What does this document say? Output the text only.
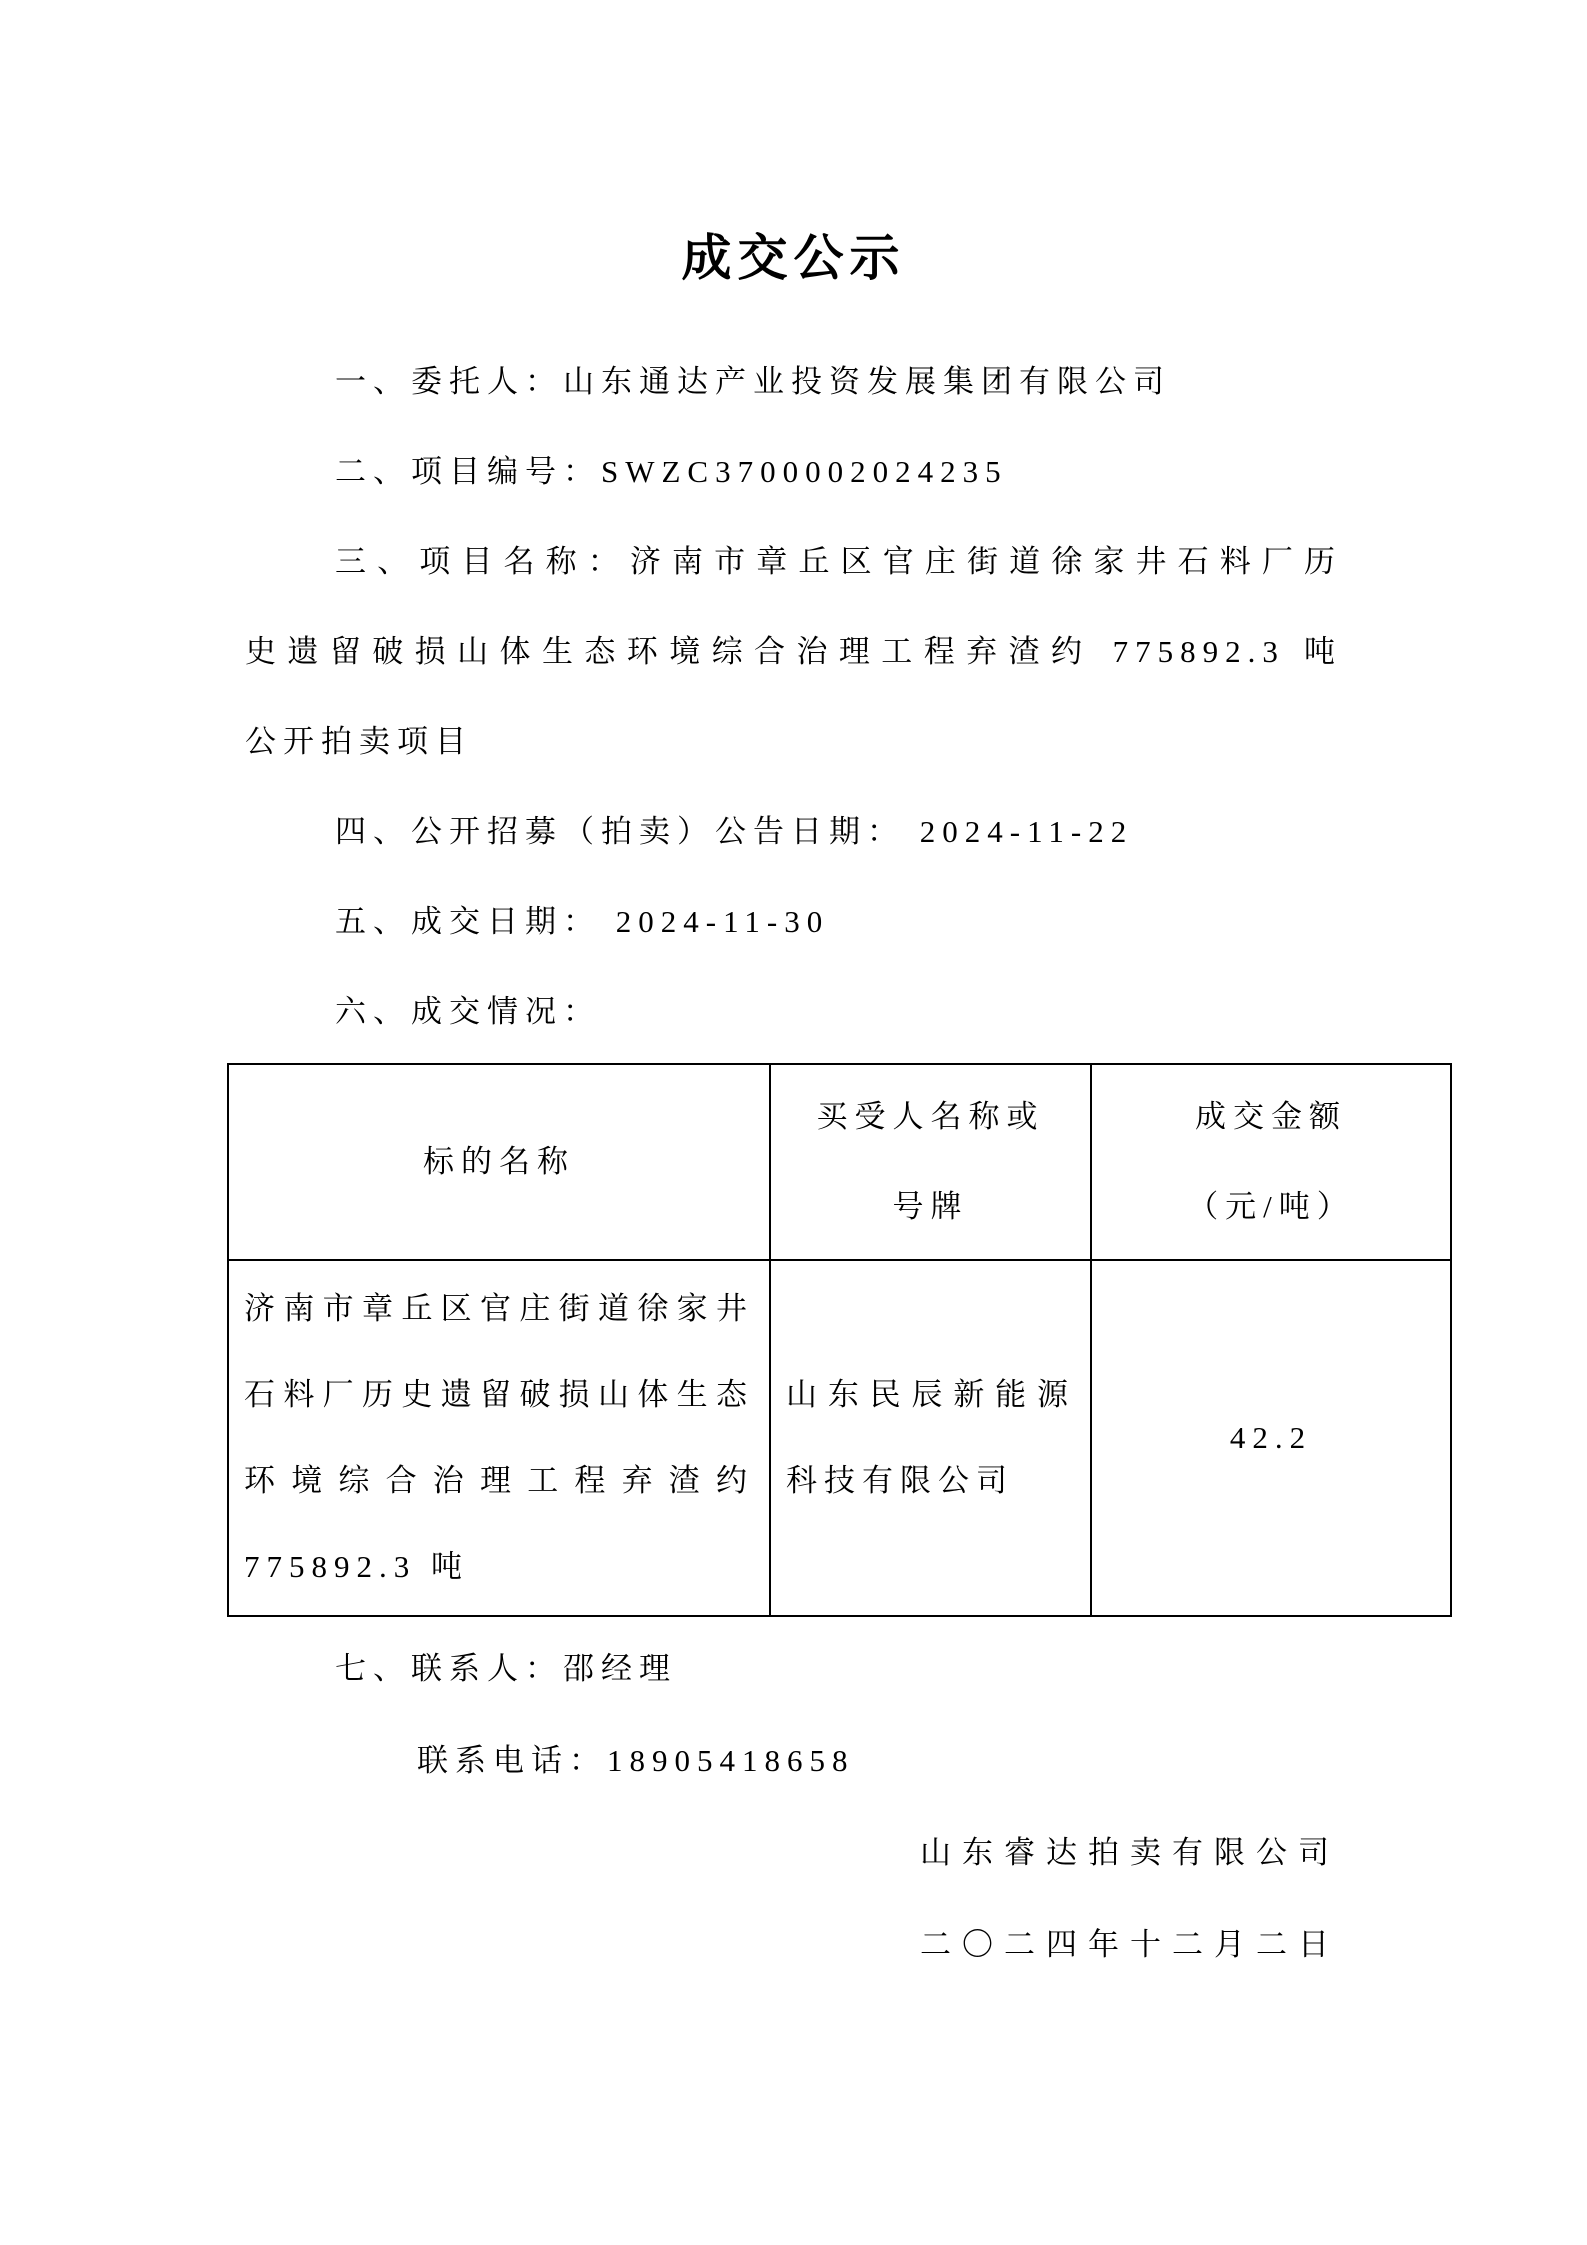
成交公示
一、委托人：山东通达产业投资发展集团有限公司
二、项目编号：SWZC3700002024235
三、项目名称：济南市章丘区官庄街道徐家井石料厂历
史遗留破损山体生态环境综合治理工程弃渣约 775892.3 吨
公开拍卖项目
四、公开招募（拍卖）公告日期： 2024-11-22
五、成交日期： 2024-11-30
六、成交情况：
标的名称
买受人名称或
号牌
成交金额
（元/吨）
济南市章丘区官庄街道徐家井
石料厂历史遗留破损山体生态
环境综合治理工程弃渣约
775892.3 吨
山东民辰新能源
科技有限公司
42.2
七、联系人：邵经理
联系电话：18905418658
山东睿达拍卖有限公司
二〇二四年十二月二日
